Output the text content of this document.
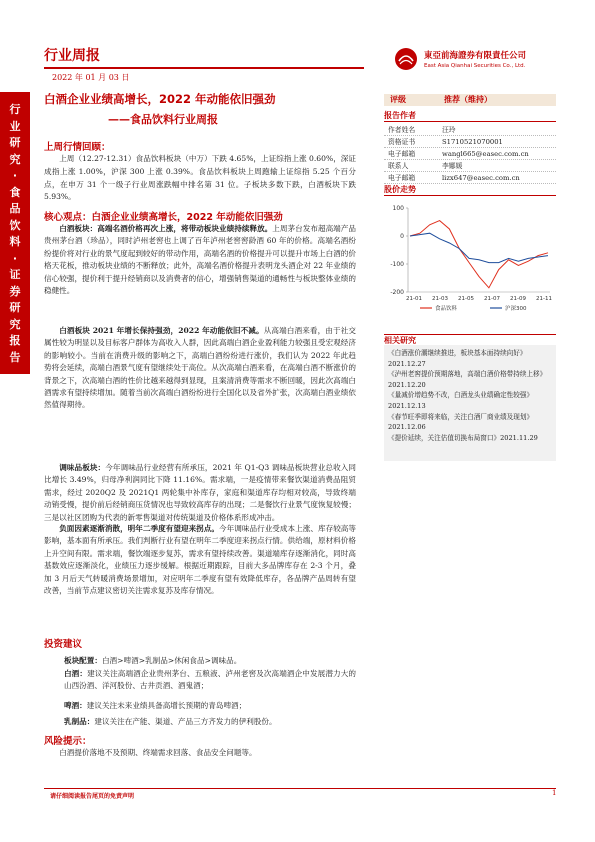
行业周报
2022 年 01 月 03 日
東亞前海證券有限責任公司
East Asia Qianhai Securities Co., Ltd.
行
业
研
究
·
食
品
饮
料
·
证
券
研
究
报
告
白酒企业业绩高增长，2022 年动能依旧强劲
——食品饮料行业周报
上周行情回顾：
上周（12.27-12.31）食品饮料板块（中万）下跌 4.65%，上证综指上涨 0.60%，深证成指上涨 1.00%，沪深 300 上涨 0.39%。食品饮料板块上周跑输上证综指 5.25 个百分点，在申万 31 个一级子行业周涨跌幅中排名第 31 位。子板块多数下跌，白酒板块下跌 5.93%。
核心观点：白酒企业业绩高增长，2022 年动能依旧强劲
白酒板块：高端名酒价格再次上涨，将带动板块业绩持续释放。上周茅台发布超高端产品贵州茅台酒（珍品），同时泸州老窖也上调了百年泸州老窖窖龄酒 60 年的价格。高端名酒纷纷提价将对行业的景气度起到较好的带动作用，高端名酒的价格提升可以提升市场上白酒的价格天花板，推动板块业绩的不断释放；此外，高端名酒价格提升表明龙头酒企对 22 年业绩的信心较强，提价利于提升经销商以及消费者的信心，增强销售渠道的通畅性与板块整体业绩的稳健性。
白酒板块 2021 年增长保持强劲，2022 年动能依旧不减。从高端白酒来看，由于社交属性较为明显以及目标客户群体为高收入人群，因此高端白酒企业盈利能力较强且受宏观经济的影响较小。当前在消费升级的影响之下，高端白酒纷纷进行涨价，我们认为 2022 年此趋势将会延续，高端白酒景气度有望继续处于高位。从次高端白酒来看，在高端白酒不断涨价的背景之下，次高端白酒的性价比越来越得到显现，且案清消费等需求不断回暖，因此次高端白酒需求有望持续增加。随着当前次高端白酒纷纷进行全国化以及省外扩张，次高端白酒业绩依然值得期待。
调味品板块：今年调味品行业经营有所承压，2021 年 Q1-Q3 调味品板块营业总收入同比增长 3.49%，归母净利润同比下降 11.16%。需求端，一是疫情带来餐饮渠道消费品阻贸需求，经过 2020Q2 及 2021Q1 两轮集中补库存，家庭和渠道库存均相对较高，导致终端动销受慢，提价前后经销商压货情况也导致较高库存的出现；二是餐饮行业景气度恢复较慢；三是以社区团购为代表的新零售渠道对传统渠道及价格体系形成冲击。
负面因素逐渐消散，明年二季度有望迎来拐点。今年调味品行业受成本上涨、库存较高等影响，基本面有所承压。我们判断行业有望在明年二季度迎来拐点行情。供给端，原材料价格上升空间有限。需求端，餐饮端逐步复苏，需求有望持续改善。渠道端库存逐渐消化，同时高基数效应逐渐淡化，业绩压力逐步缓解。根据近期跟踪，目前大多品牌库存在 2-3 个月，叠加 3 月后天气转暖消费场景增加，对应明年二季度有望有效降低库存，各品牌产品周转有望改善，当前节点建议密切关注需求复苏及库存情况。
投资建议
板块配置：白酒>啤酒>乳制品>休闲食品>调味品。
白酒：建议关注高端酒企业贵州茅台、五粮液、泸州老窖及次高端酒企中发展潜力大的山西汾酒、洋河股份、古井贡酒、酒鬼酒；
啤酒：建议关注未来业绩具备高增长预期的青岛啤酒；
乳制品：建议关注在产能、渠道、产品三方齐发力的伊利股份。
风险提示：
白酒提价落地不及预期、终端需求回落、食品安全问题等。
评级	推荐（维持）
报告作者
作者姓名	汪玲
资格证书	S1710521070001
电子邮箱	wangl665@easec.com.cn
联系人	李娜媛
电子邮箱	lizx647@easec.com.cn
股价走势
100
0
-100
-200
21-01 21-03 21-05 21-07 21-09 21-11
食品饮料	沪深300
相关研究
《白酒涨价潮继续推进，板块基本面持续向好》2021.12.27
《泸州老窖提价预期落地，高端白酒价格带持续上移》2021.12.20
《量减价增趋势不改，白酒龙头业绩确定性较强》2021.12.13
《春节旺季即将来临，关注白酒厂商业绩及现划》2021.12.06
《提价延续，关注估值切换布局窗口》2021.11.29
请仔细阅读报告尾页的免责声明	1
